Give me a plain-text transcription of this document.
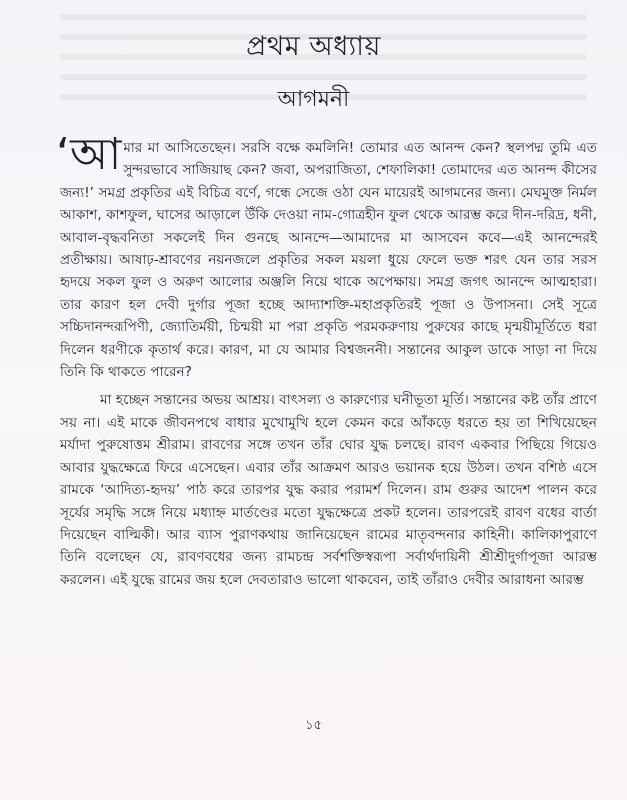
প্রথম অধ্যায়
আগমনী

‘আমার মা আসিতেছেন। সরসি বক্ষে কমলিনি! তোমার এত আনন্দ কেন? স্থলপদ্ম তুমি এত সুন্দরভাবে সাজিয়াছ কেন? জবা, অপরাজিতা, শেফালিকা! তোমাদের এত আনন্দ কীসের জন্য!’ সমগ্র প্রকৃতির এই বিচিত্র বর্ণে, গন্ধে সেজে ওঠা যেন মায়েরই আগমনের জন্য। মেঘমুক্ত নির্মল আকাশ, কাশফুল, ঘাসের আড়ালে উঁকি দেওয়া নাম-গোত্রহীন ফুল থেকে আরম্ভ করে দীন-দরিদ্র, ধনী, আবাল-বৃদ্ধবনিতা সকলেই দিন গুনছে আনন্দে—আমাদের মা আসবেন কবে—এই আনন্দেরই প্রতীক্ষায়। আষাঢ়-শ্রাবণের নয়নজলে প্রকৃতির সকল ময়লা ধুয়ে ফেলে ভক্ত শরৎ যেন তার সরস হৃদয়ে সকল ফুল ও অরুণ আলোর অঞ্জলি নিয়ে থাকে অপেক্ষায়। সমগ্র জগৎ আনন্দে আত্মহারা। তার কারণ হল দেবী দুর্গার পূজা হচ্ছে আদ্যাশক্তি-মহাপ্রকৃতিরই পূজা ও উপাসনা। সেই সূত্রে সচ্চিদানন্দরূপিণী, জ্যোতির্ময়ী, চিন্ময়ী মা পরা প্রকৃতি পরমকরুণায় পুরুষের কাছে মৃন্ময়ীমূর্তিতে ধরা দিলেন ধরণীকে কৃতার্থ করে। কারণ, মা যে আমার বিশ্বজননী। সন্তানের আকুল ডাকে সাড়া না দিয়ে তিনি কি থাকতে পারেন?

মা হচ্ছেন সন্তানের অভয় আশ্রয়। বাৎসল্য ও কারুণ্যের ঘনীভূতা মূর্তি। সন্তানের কষ্ট তাঁর প্রাণে সয় না। এই মাকে জীবনপথে বাধার মুখোমুখি হলে কেমন করে আঁকড়ে ধরতে হয় তা শিখিয়েছেন মর্যাদা পুরুষোত্তম শ্রীরাম। রাবণের সঙ্গে তখন তাঁর ঘোর যুদ্ধ চলছে। রাবণ একবার পিছিয়ে গিয়েও আবার যুদ্ধক্ষেত্রে ফিরে এসেছেন। এবার তাঁর আক্রমণ আরও ভয়ানক হয়ে উঠল। তখন বশিষ্ঠ এসে রামকে ‘আদিত্য-হৃদয়’ পাঠ করে তারপর যুদ্ধ করার পরামর্শ দিলেন। রাম গুরুর আদেশ পালন করে সূর্যের সমৃদ্ধি সঙ্গে নিয়ে মধ্যাহ্ন মার্তণ্ডের মতো যুদ্ধক্ষেত্রে প্রকট হলেন। তারপরেই রাবণ বধের বার্তা দিয়েছেন বাল্মিকী। আর ব্যাস পুরাণকথায় জানিয়েছেন রামের মাতৃবন্দনার কাহিনী। কালিকাপুরাণে তিনি বলেছেন যে, রাবণবধের জন্য রামচন্দ্র সর্বশক্তিস্বরূপা সর্বার্থদায়িনী শ্রীশ্রীদুর্গাপূজা আরম্ভ করলেন। এই যুদ্ধে রামের জয় হলে দেবতারাও ভালো থাকবেন, তাই তাঁরাও দেবীর আরাধনা আরম্ভ

১৫
